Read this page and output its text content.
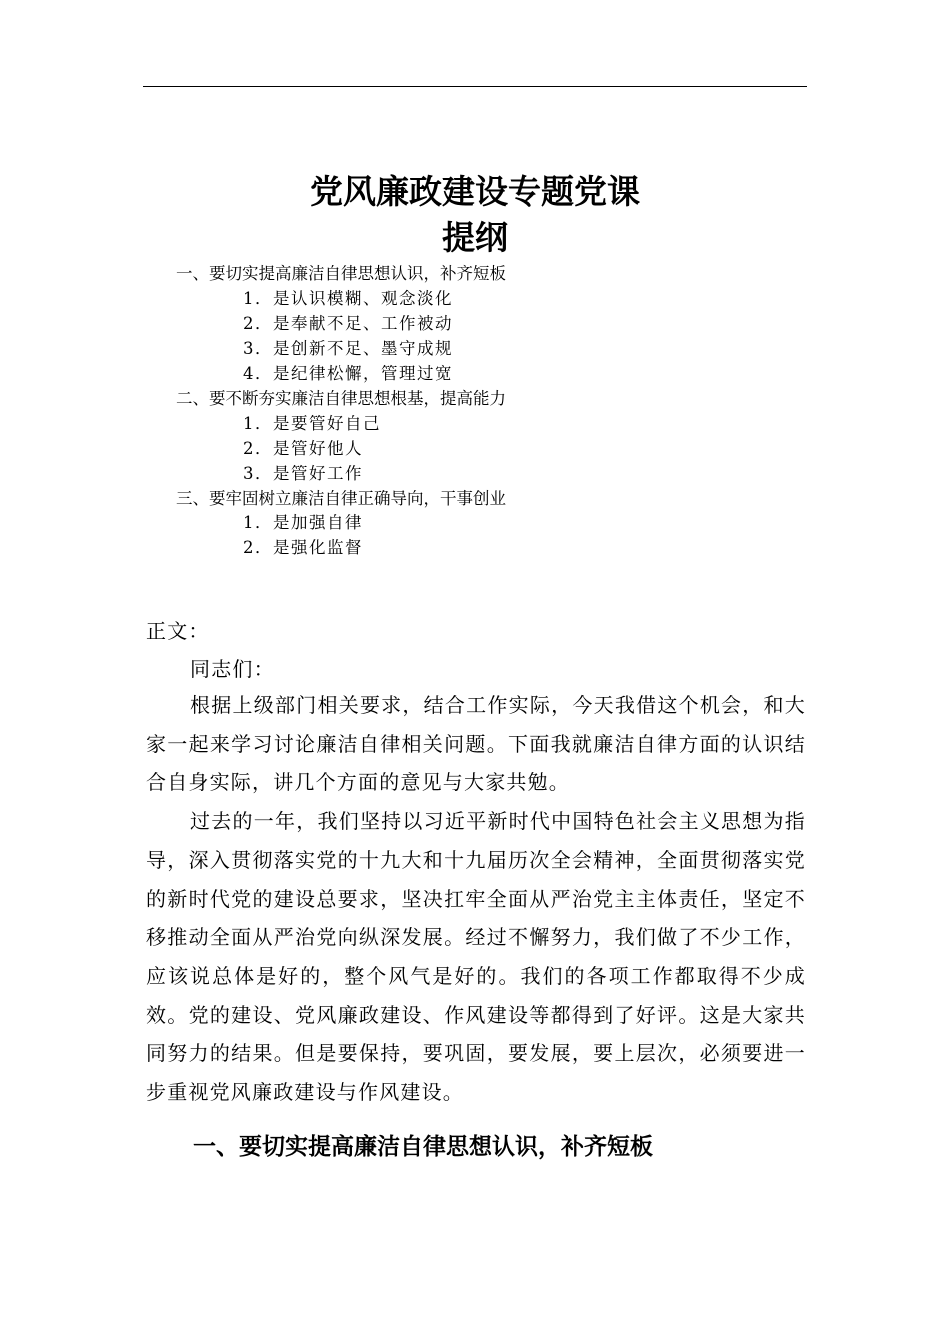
党风廉政建设专题党课
提纲
一、要切实提高廉洁自律思想认识，补齐短板
1．是认识模糊、观念淡化
2．是奉献不足、工作被动
3．是创新不足、墨守成规
4．是纪律松懈，管理过宽
二、要不断夯实廉洁自律思想根基，提高能力
1．是要管好自己
2．是管好他人
3．是管好工作
三、要牢固树立廉洁自律正确导向，干事创业
1．是加强自律
2．是强化监督
正文：
同志们：

根据上级部门相关要求，结合工作实际，今天我借这个机会，和大家一起来学习讨论廉洁自律相关问题。下面我就廉洁自律方面的认识结合自身实际，讲几个方面的意见与大家共勉。

过去的一年，我们坚持以习近平新时代中国特色社会主义思想为指导，深入贯彻落实党的十九大和十九届历次全会精神，全面贯彻落实党的新时代党的建设总要求，坚决扛牢全面从严治党主主体责任，坚定不移推动全面从严治党向纵深发展。经过不懈努力，我们做了不少工作，应该说总体是好的，整个风气是好的。我们的各项工作都取得不少成效。党的建设、党风廉政建设、作风建设等都得到了好评。这是大家共同努力的结果。但是要保持，要巩固，要发展，要上层次，必须要进一步重视党风廉政建设与作风建设。

一、要切实提高廉洁自律思想认识，补齐短板
